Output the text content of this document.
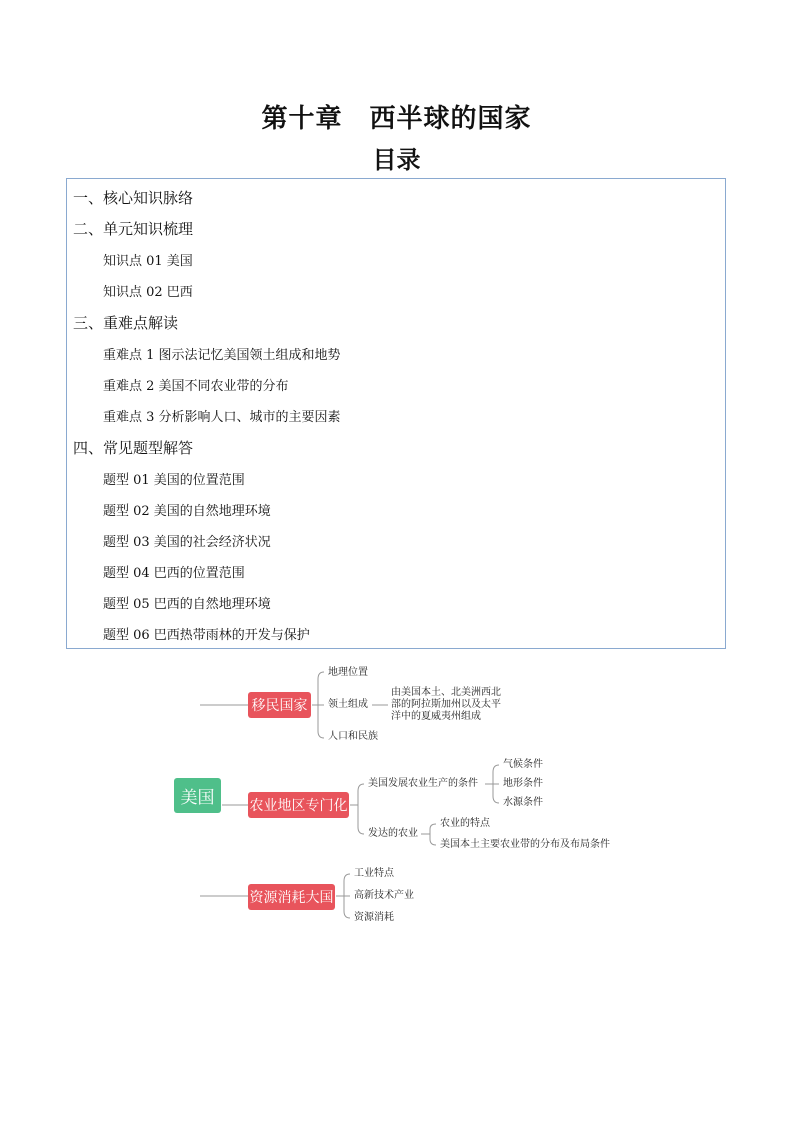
第十章　西半球的国家
目录
一、核心知识脉络
二、单元知识梳理
知识点 01 美国
知识点 02 巴西
三、重难点解读
重难点 1 图示法记忆美国领土组成和地势
重难点 2 美国不同农业带的分布
重难点 3 分析影响人口、城市的主要因素
四、常见题型解答
题型 01 美国的位置范围
题型 02 美国的自然地理环境
题型 03 美国的社会经济状况
题型 04 巴西的位置范围
题型 05 巴西的自然地理环境
题型 06 巴西热带雨林的开发与保护
美国
移民国家
地理位置
领土组成
由美国本土、北美洲西北部的阿拉斯加州以及太平洋中的夏威夷州组成
人口和民族
农业地区专门化
美国发展农业生产的条件
气候条件
地形条件
水源条件
发达的农业
农业的特点
美国本土主要农业带的分布及布局条件
资源消耗大国
工业特点
高新技术产业
资源消耗
